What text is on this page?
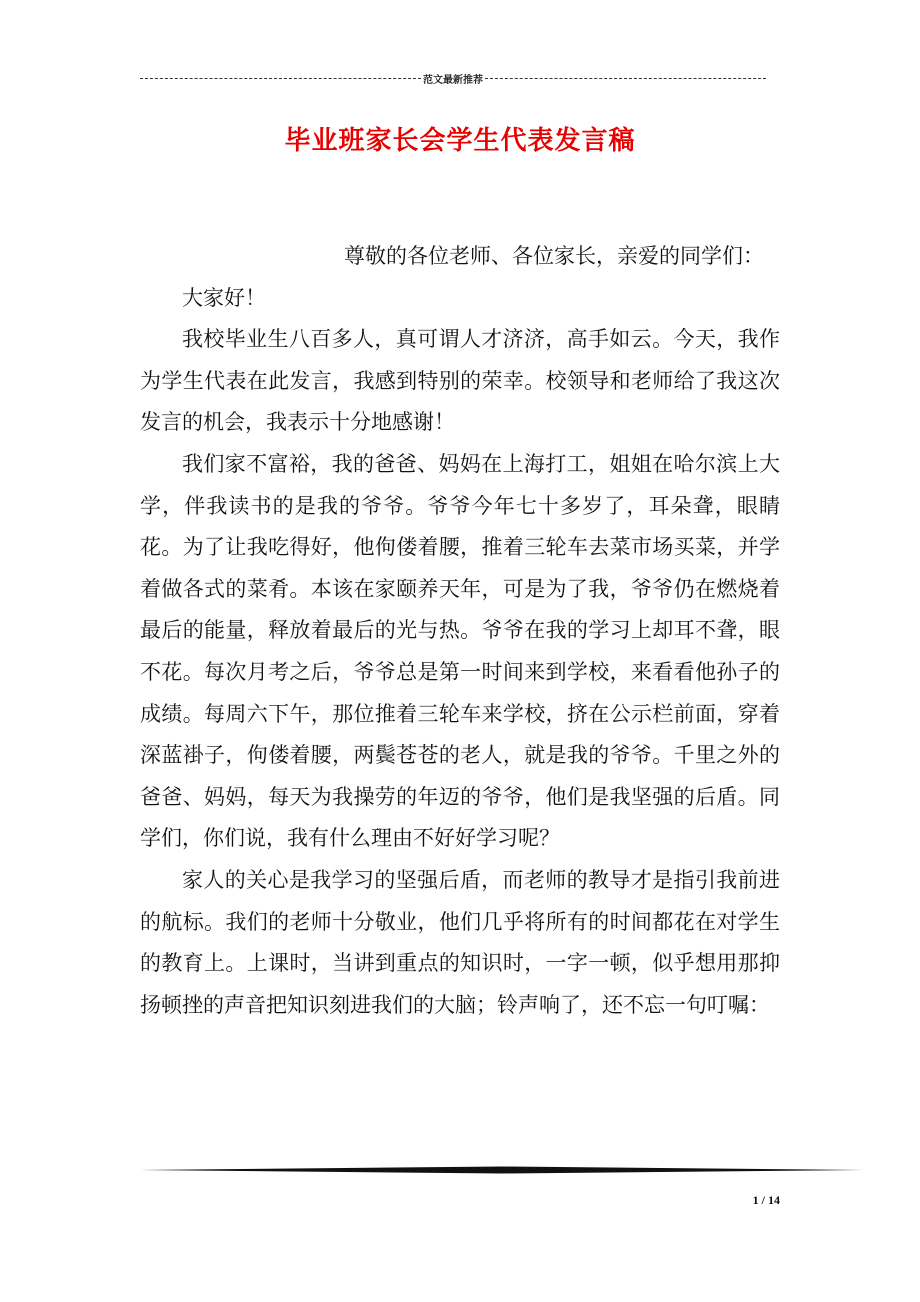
范文最新推荐
毕业班家长会学生代表发言稿

尊敬的各位老师、各位家长，亲爱的同学们：

大家好！

我校毕业生八百多人，真可谓人才济济，高手如云。今天，我作为学生代表在此发言，我感到特别的荣幸。校领导和老师给了我这次发言的机会，我表示十分地感谢！

我们家不富裕，我的爸爸、妈妈在上海打工，姐姐在哈尔滨上大学，伴我读书的是我的爷爷。爷爷今年七十多岁了，耳朵聋，眼睛花。为了让我吃得好，他佝偻着腰，推着三轮车去菜市场买菜，并学着做各式的菜肴。本该在家颐养天年，可是为了我，爷爷仍在燃烧着最后的能量，释放着最后的光与热。爷爷在我的学习上却耳不聋，眼不花。每次月考之后，爷爷总是第一时间来到学校，来看看他孙子的成绩。每周六下午，那位推着三轮车来学校，挤在公示栏前面，穿着深蓝褂子，佝偻着腰，两鬓苍苍的老人，就是我的爷爷。千里之外的爸爸、妈妈，每天为我操劳的年迈的爷爷，他们是我坚强的后盾。同学们，你们说，我有什么理由不好好学习呢？

家人的关心是我学习的坚强后盾，而老师的教导才是指引我前进的航标。我们的老师十分敬业，他们几乎将所有的时间都花在对学生的教育上。上课时，当讲到重点的知识时，一字一顿，似乎想用那抑扬顿挫的声音把知识刻进我们的大脑；铃声响了，还不忘一句叮嘱：

1 / 14
